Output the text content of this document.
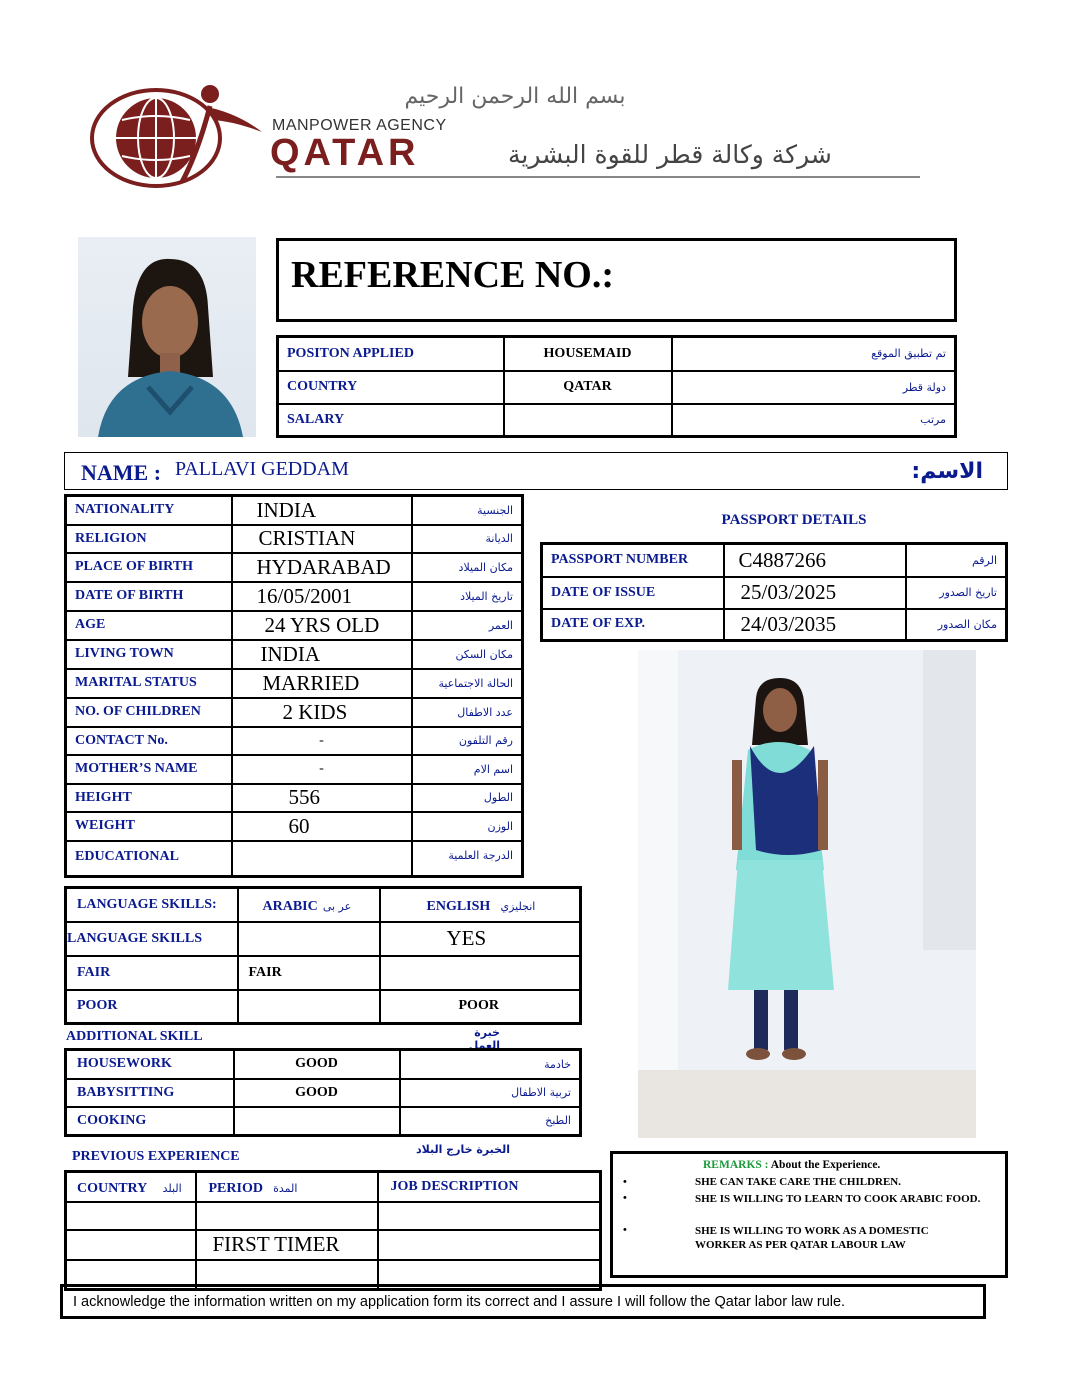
بسم الله الرحمن الرحيم
MANPOWER AGENCY
QATAR	شركة وكالة قطر للقوة البشرية
REFERENCE NO.:
POSITON APPLIED	HOUSEMAID	تم تطبيق الموقع
COUNTRY	QATAR	دولة قطر
SALARY		مرتب
NAME : PALLAVI GEDDAM	الاسم:
NATIONALITY	INDIA	الجنسية
RELIGION	CRISTIAN	الديانة
PLACE OF BIRTH	HYDARABAD	مكان الميلاد
DATE OF BIRTH	16/05/2001	تاريخ الميلاد
AGE	24 YRS OLD	العمر
LIVING TOWN	INDIA	مكان السكن
MARITAL STATUS	MARRIED	الحالة الاجتماعية
NO. OF CHILDREN	2 KIDS	عدد الاطفال
CONTACT No.	-	رقم التلفون
MOTHER’S NAME	-	اسم الام
HEIGHT	556	الطول
WEIGHT	60	الوزن
EDUCATIONAL		الدرجة العلمية
PASSPORT DETAILS
PASSPORT NUMBER	C4887266	الرقم
DATE OF ISSUE	25/03/2025	تاريخ الصدور
DATE OF EXP.	24/03/2035	مكان الصدور
LANGUAGE SKILLS:	ARABIC عر بى	ENGLISH انجليزي
LANGUAGE SKILLS		YES
FAIR	FAIR	
POOR		POOR
ADDITIONAL SKILL	خبرة العمل
HOUSEWORK	GOOD	خادمة
BABYSITTING	GOOD	تربية الاطفال
COOKING		الطبخ
PREVIOUS EXPERIENCE	الخبرة خارج البلاد
COUNTRY البلد	PERIOD المدة	JOB DESCRIPTION

	FIRST TIMER	

REMARKS : About the Experience.
•	SHE CAN TAKE CARE THE CHILDREN.
•	SHE IS WILLING TO LEARN TO COOK ARABIC FOOD.
•	SHE IS WILLING TO WORK AS A DOMESTIC WORKER AS PER QATAR LABOUR LAW
I acknowledge the information written on my application form its correct and I assure I will follow the Qatar labor law rule.
